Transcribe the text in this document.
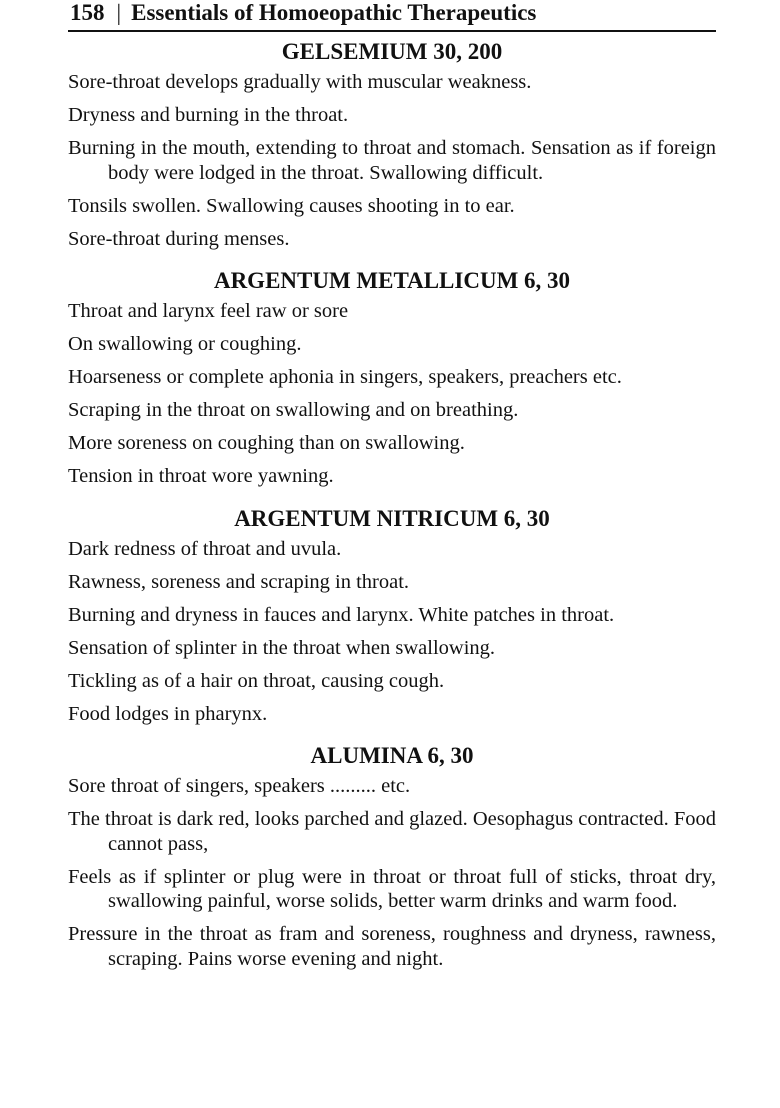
158 | Essentials of Homoeopathic Therapeutics
GELSEMIUM 30, 200
Sore-throat develops gradually with muscular weakness.
Dryness and burning in the throat.
Burning in the mouth, extending to throat and stomach. Sensation as if foreign body were lodged in the throat. Swallowing difficult.
Tonsils swollen. Swallowing causes shooting in to ear.
Sore-throat during menses.
ARGENTUM METALLICUM 6, 30
Throat and larynx feel raw or sore
On swallowing or coughing.
Hoarseness or complete aphonia in singers, speakers, preachers etc.
Scraping in the throat on swallowing and on breathing.
More soreness on coughing than on swallowing.
Tension in throat wore yawning.
ARGENTUM NITRICUM 6, 30
Dark redness of throat and uvula.
Rawness, soreness and scraping in throat.
Burning and dryness in fauces and larynx. White patches in throat.
Sensation of splinter in the throat when swallowing.
Tickling as of a hair on throat, causing cough.
Food lodges in pharynx.
ALUMINA 6, 30
Sore throat of singers, speakers ......... etc.
The throat is dark red, looks parched and glazed. Oesophagus contracted. Food cannot pass,
Feels as if splinter or plug were in throat or throat full of sticks, throat dry, swallowing painful, worse solids, better warm drinks and warm food.
Pressure in the throat as fram and soreness, roughness and dryness, rawness, scraping. Pains worse evening and night.
